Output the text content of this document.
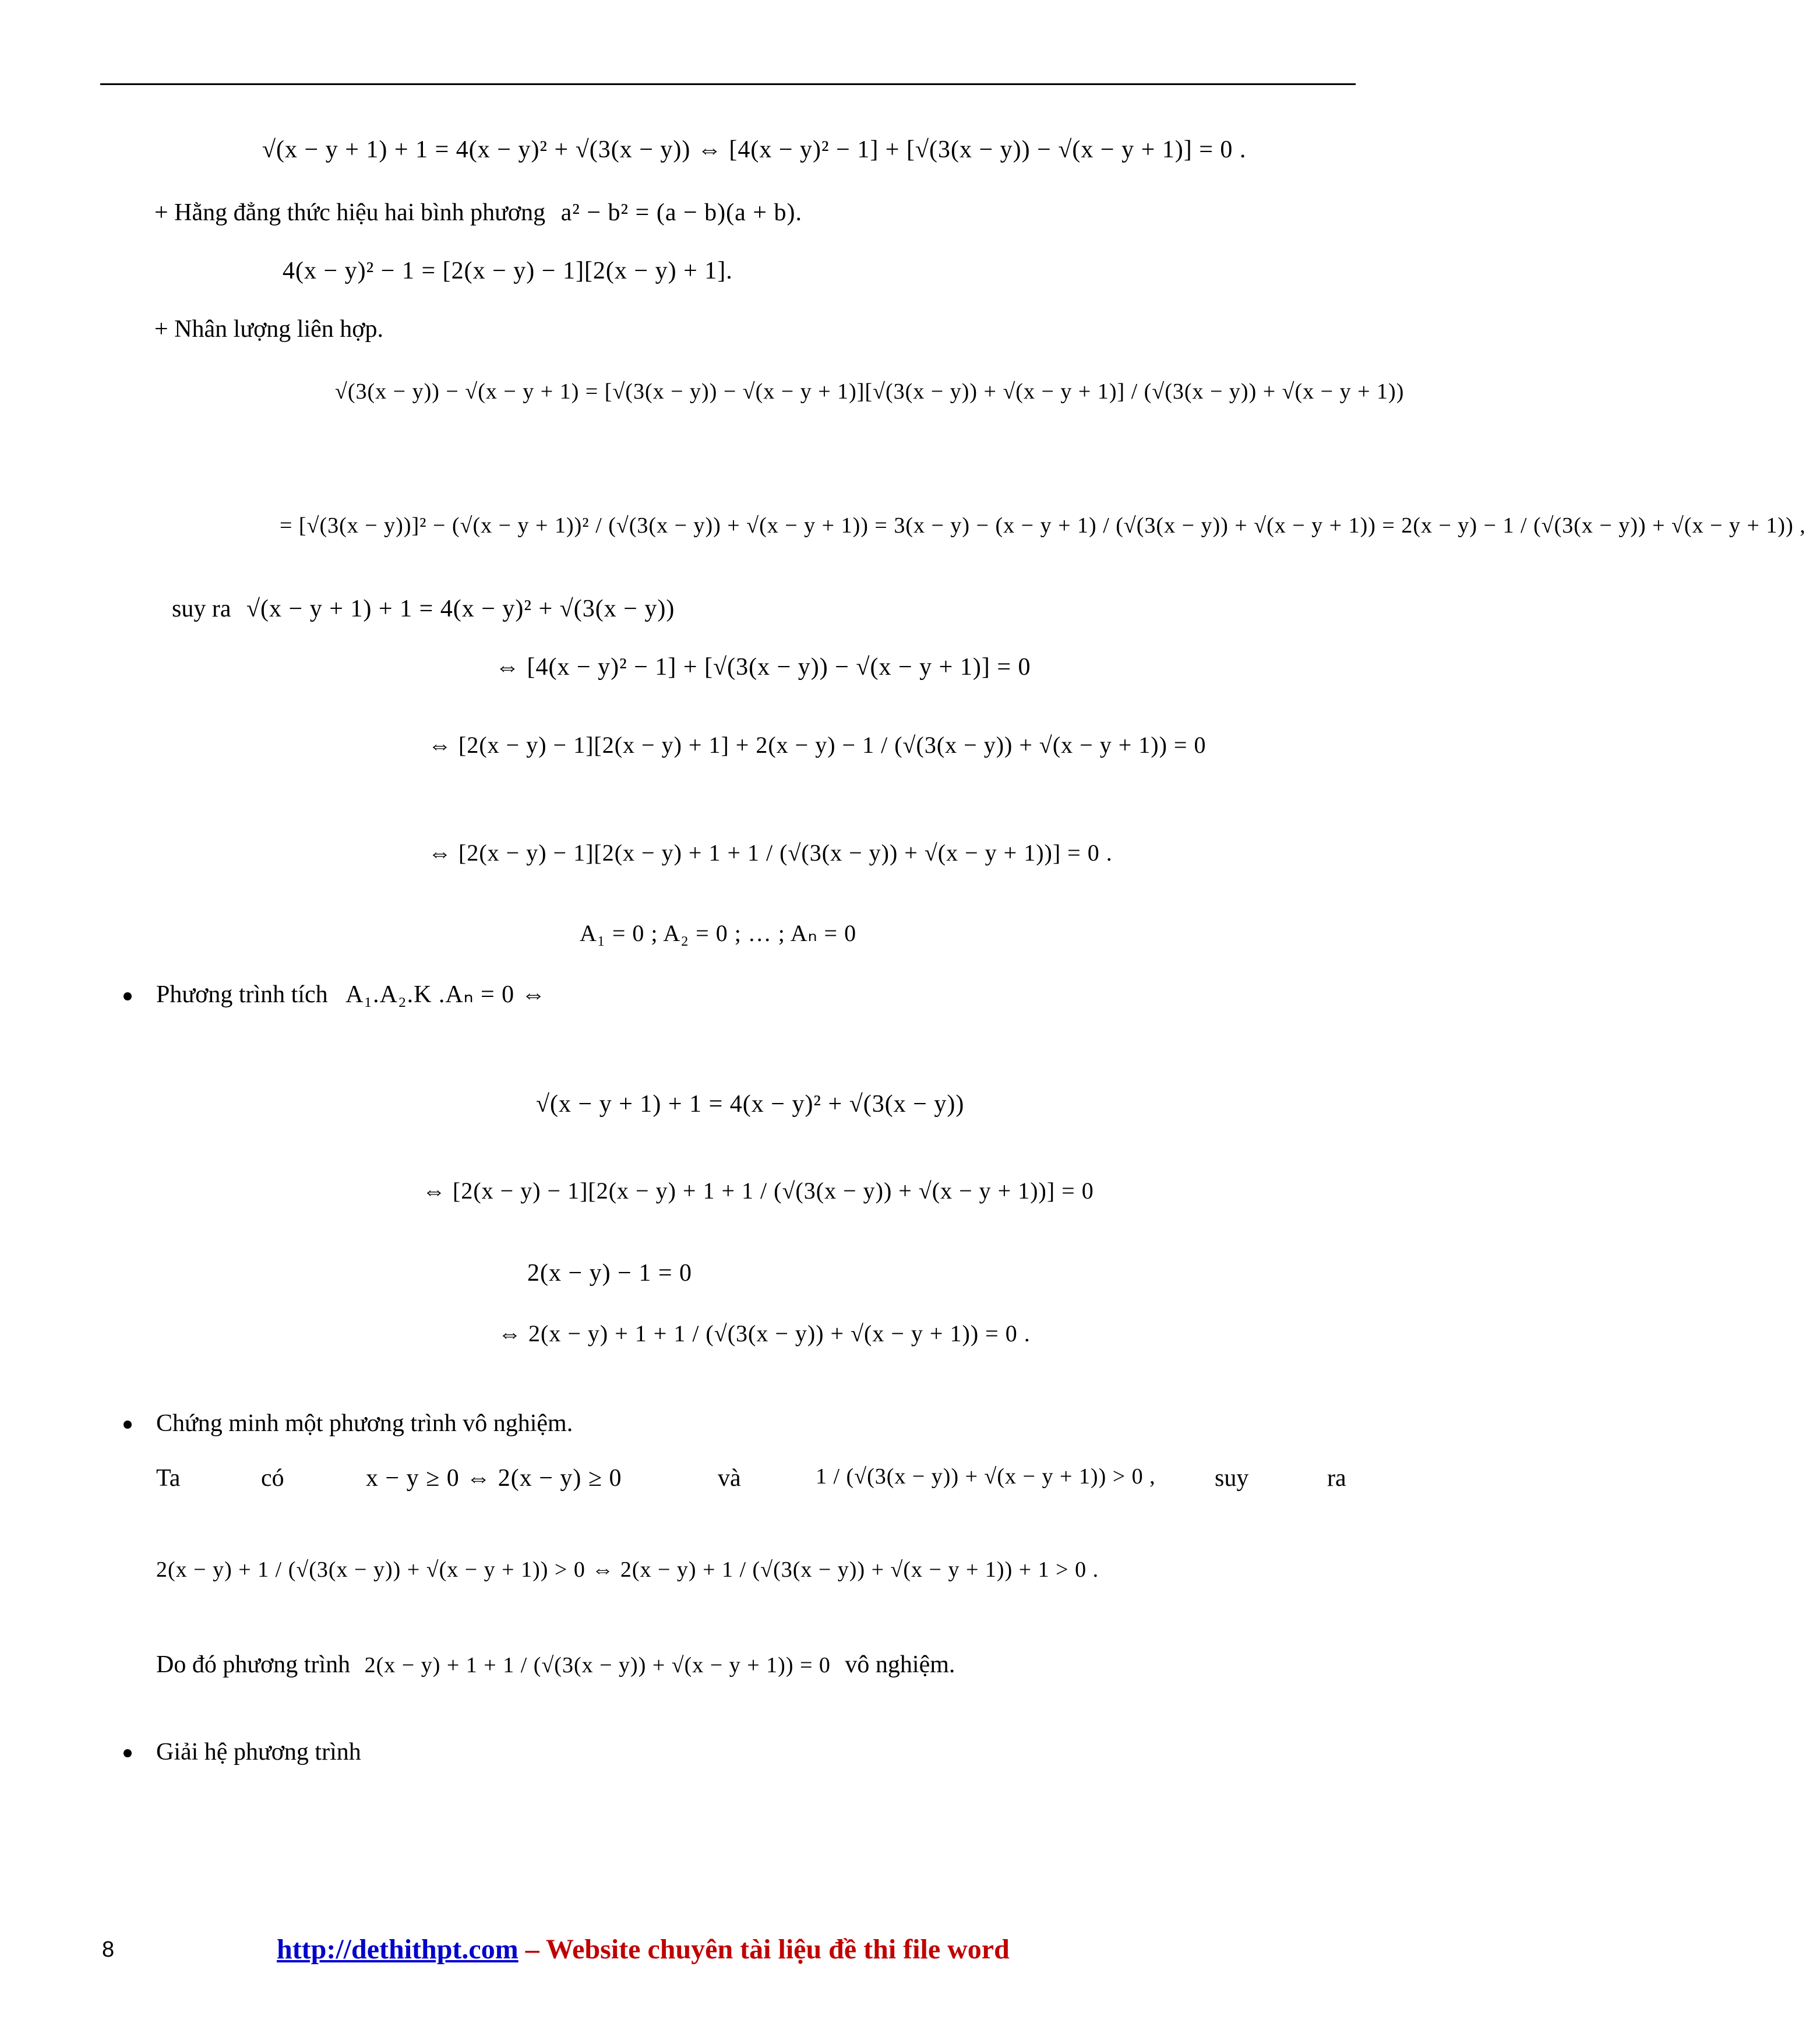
√(x − y + 1) + 1 = 4(x − y)² + √(3(x − y)) ⇔ [4(x − y)² − 1] + [√(3(x − y)) − √(x − y + 1)] = 0 .
+ Hằng đẳng thức hiệu hai bình phương a² − b² = (a − b)(a + b).
4(x − y)² − 1 = [2(x − y) − 1][2(x − y) + 1].
+ Nhân lượng liên hợp.
√(3(x − y)) − √(x − y + 1) = [√(3(x − y)) − √(x − y + 1)][√(3(x − y)) + √(x − y + 1)] / (√(3(x − y)) + √(x − y + 1))
= [√(3(x − y))]² − (√(x − y + 1))² / (√(3(x − y)) + √(x − y + 1)) = 3(x − y) − (x − y + 1) / (√(3(x − y)) + √(x − y + 1)) = 2(x − y) − 1 / (√(3(x − y)) + √(x − y + 1)) ,
suy ra √(x − y + 1) + 1 = 4(x − y)² + √(3(x − y))
⇔ [4(x − y)² − 1] + [√(3(x − y)) − √(x − y + 1)] = 0
⇔ [2(x − y) − 1][2(x − y) + 1] + 2(x − y) − 1 / (√(3(x − y)) + √(x − y + 1)) = 0
⇔ [2(x − y) − 1][2(x − y) + 1 + 1 / (√(3(x − y)) + √(x − y + 1))] = 0 .
Phương trình tích A₁.A₂.K .Aₙ = 0 ⇔
A₁ = 0 ; A₂ = 0 ; … ; Aₙ = 0
√(x − y + 1) + 1 = 4(x − y)² + √(3(x − y))
⇔ [2(x − y) − 1][2(x − y) + 1 + 1 / (√(3(x − y)) + √(x − y + 1))] = 0
2(x − y) − 1 = 0
⇔ 2(x − y) + 1 + 1 / (√(3(x − y)) + √(x − y + 1)) = 0 .
Chứng minh một phương trình vô nghiệm.
Ta	có	x − y ≥ 0 ⇔ 2(x − y) ≥ 0	và	1 / (√(3(x − y)) + √(x − y + 1)) > 0 , suy	ra
2(x − y) + 1 / (√(3(x − y)) + √(x − y + 1)) > 0 ⇔ 2(x − y) + 1 / (√(3(x − y)) + √(x − y + 1)) + 1 > 0 .
Do đó phương trình 2(x − y) + 1 + 1 / (√(3(x − y)) + √(x − y + 1)) = 0 vô nghiệm.
Giải hệ phương trình
8	http://dethithpt.com – Website chuyên tài liệu đề thi file word
